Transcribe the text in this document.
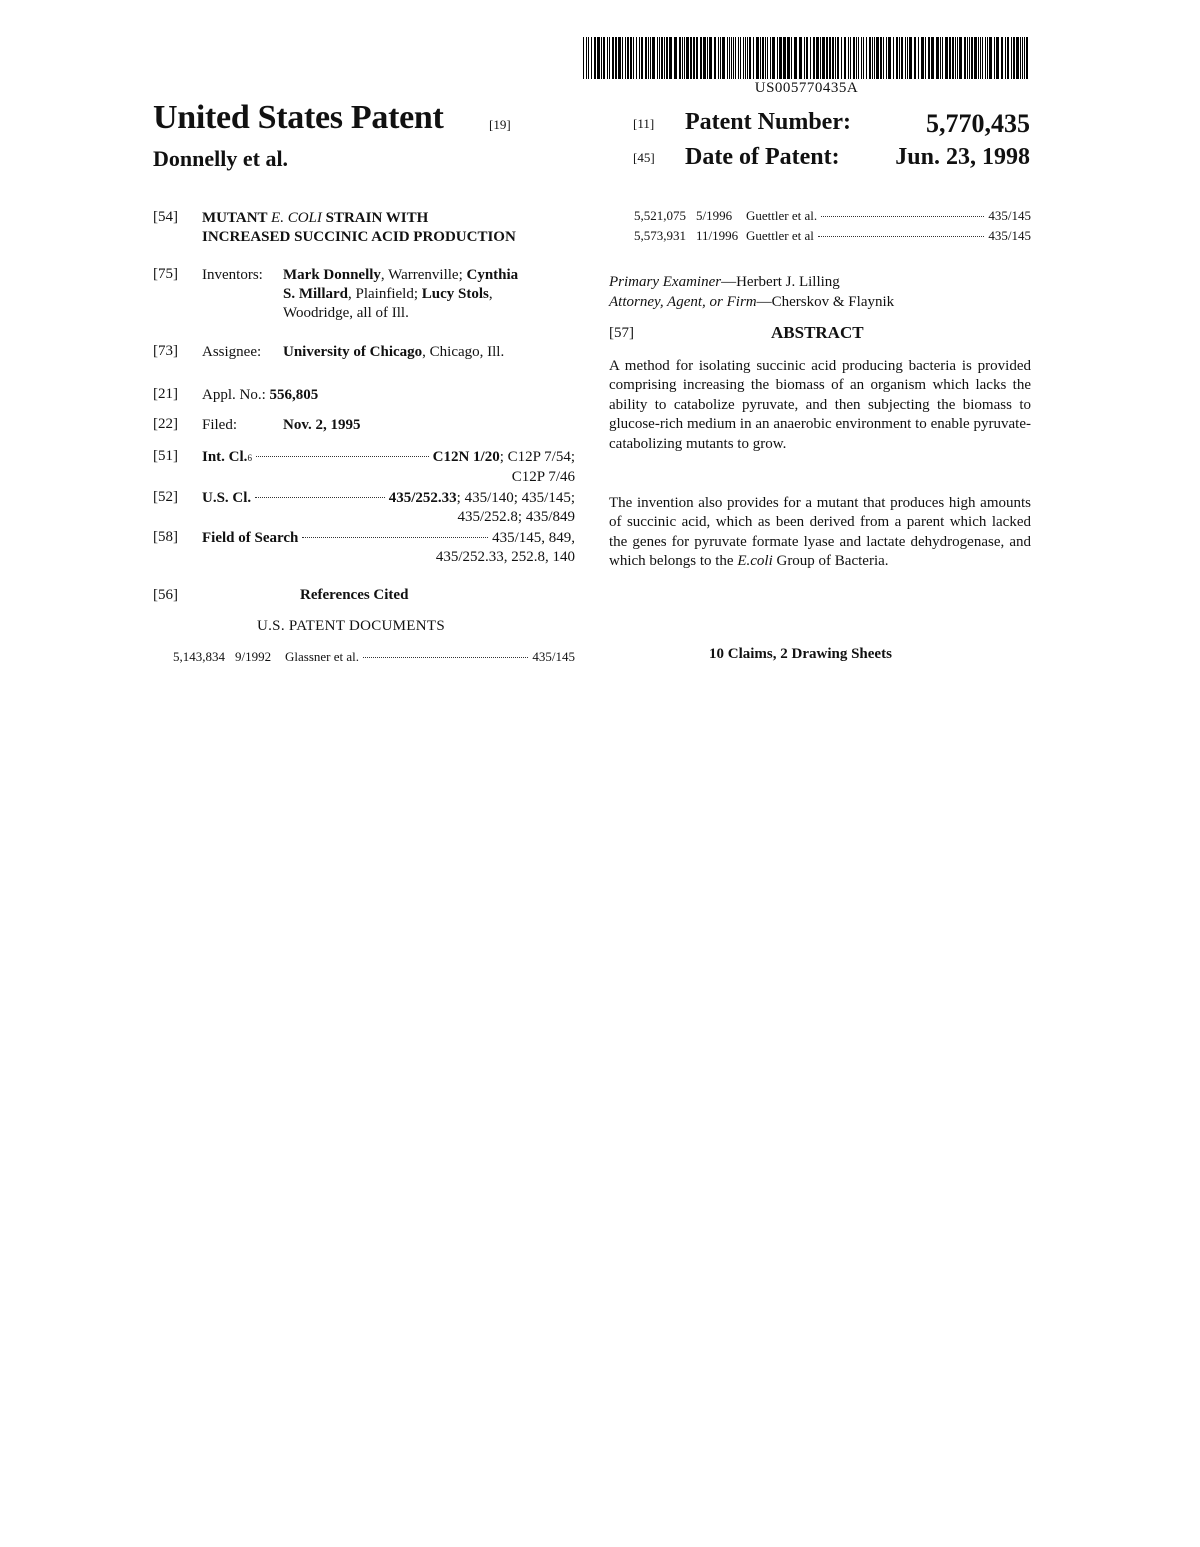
US005770435A
United States Patent	[19]
Donnelly et al.
[11] Patent Number:	5,770,435
[45] Date of Patent: Jun. 23, 1998
[54] MUTANT E. COLI STRAIN WITH
INCREASED SUCCINIC ACID PRODUCTION
[75] Inventors: Mark Donnelly, Warrenville; Cynthia
S. Millard, Plainfield; Lucy Stols,
Woodridge, all of Ill.
[73] Assignee: University of Chicago, Chicago, Ill.
[21] Appl. No.: 556,805
[22] Filed:	Nov. 2, 1995
[51] Int. Cl. 6	C12N 1/20 ; C12P 7/54;
C12P 7/46
[52] U.S. Cl.	435/252.33 ; 435/140; 435/145;
435/252.8; 435/849
[58] Field of Search	435/145, 849,
435/252.33, 252.8, 140
[56]	References Cited
U.S. PATENT DOCUMENTS
5,143,834 9/1992	Glassner et al.	435/145
5,521,075 5/1996	Guettler et al.	435/145
5,573,931 11/1996 Guettler et al	435/145
Primary Examiner—Herbert J. Lilling
Attorney, Agent, or Firm—Cherskov & Flaynik
[57]	ABSTRACT
A method for isolating succinic acid producing bacteria is provided comprising increasing the biomass of an organism which lacks the ability to catabolize pyruvate, and then subjecting the biomass to glucose-rich medium in an anaerobic environment to enable pyruvate-catabolizing mutants to grow.
The invention also provides for a mutant that produces high amounts of succinic acid, which as been derived from a parent which lacked the genes for pyruvate formate lyase and lactate dehydrogenase, and which belongs to the E.coli Group of Bacteria.
10 Claims, 2 Drawing Sheets
